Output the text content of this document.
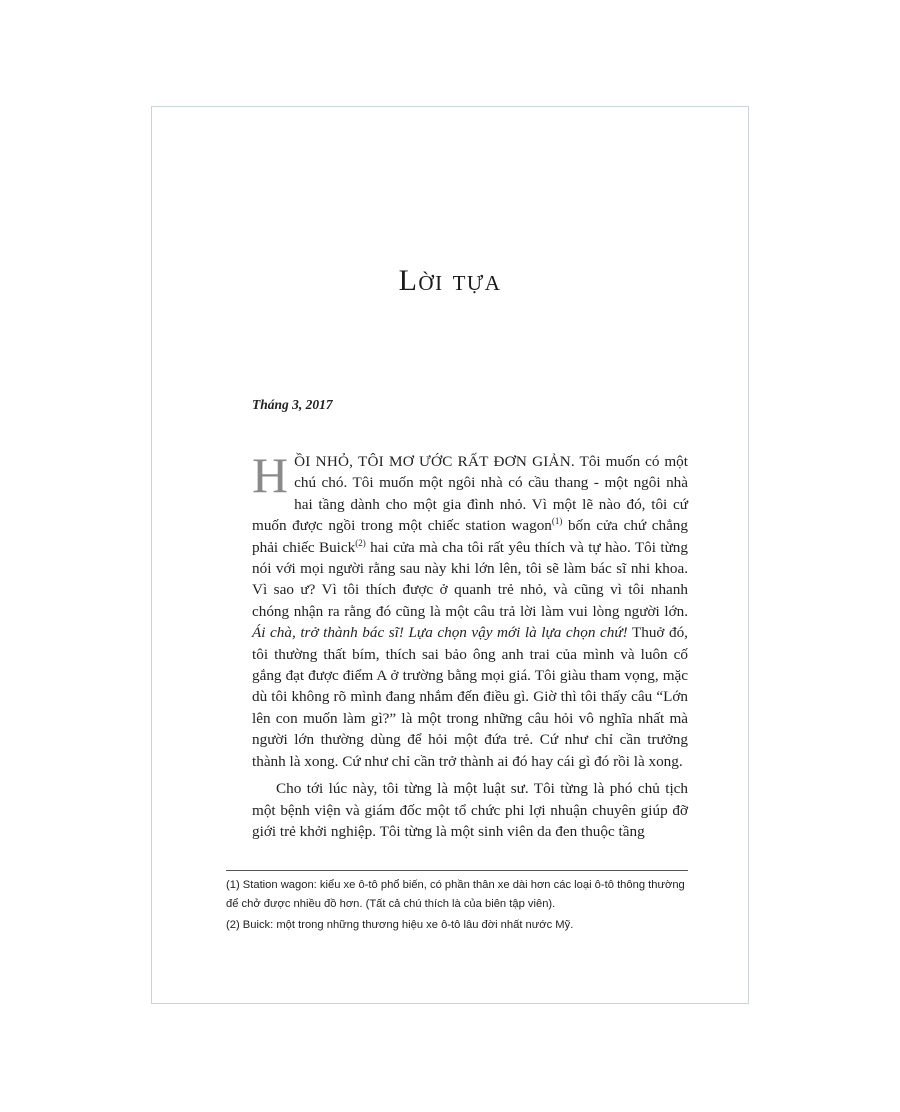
Lời tựa
Tháng 3, 2017

HỒI NHỎ, TÔI MƠ ƯỚC RẤT ĐƠN GIẢN. Tôi muốn có một chú chó. Tôi muốn một ngôi nhà có cầu thang - một ngôi nhà hai tầng dành cho một gia đình nhỏ. Vì một lẽ nào đó, tôi cứ muốn được ngồi trong một chiếc station wagon$^{(1)}$ bốn cửa chứ chẳng phải chiếc Buick$^{(2)}$ hai cửa mà cha tôi rất yêu thích và tự hào. Tôi từng nói với mọi người rằng sau này khi lớn lên, tôi sẽ làm bác sĩ nhi khoa. Vì sao ư? Vì tôi thích được ở quanh trẻ nhỏ, và cũng vì tôi nhanh chóng nhận ra rằng đó cũng là một câu trả lời làm vui lòng người lớn. Ái chà, trở thành bác sĩ! Lựa chọn vậy mới là lựa chọn chứ! Thuở đó, tôi thường thất bím, thích sai bảo ông anh trai của mình và luôn cố gắng đạt được điểm A ở trường bằng mọi giá. Tôi giàu tham vọng, mặc dù tôi không rõ mình đang nhắm đến điều gì. Giờ thì tôi thấy câu “Lớn lên con muốn làm gì?” là một trong những câu hỏi vô nghĩa nhất mà người lớn thường dùng để hỏi một đứa trẻ. Cứ như chỉ cần trưởng thành là xong. Cứ như chỉ cần trở thành ai đó hay cái gì đó rồi là xong.

Cho tới lúc này, tôi từng là một luật sư. Tôi từng là phó chủ tịch một bệnh viện và giám đốc một tổ chức phi lợi nhuận chuyên giúp đỡ giới trẻ khởi nghiệp. Tôi từng là một sinh viên da đen thuộc tầng

(1) Station wagon: kiểu xe ô-tô phổ biến, có phần thân xe dài hơn các loại ô-tô thông thường để chở được nhiều đồ hơn. (Tất cả chú thích là của biên tập viên).
(2) Buick: một trong những thương hiệu xe ô-tô lâu đời nhất nước Mỹ.
